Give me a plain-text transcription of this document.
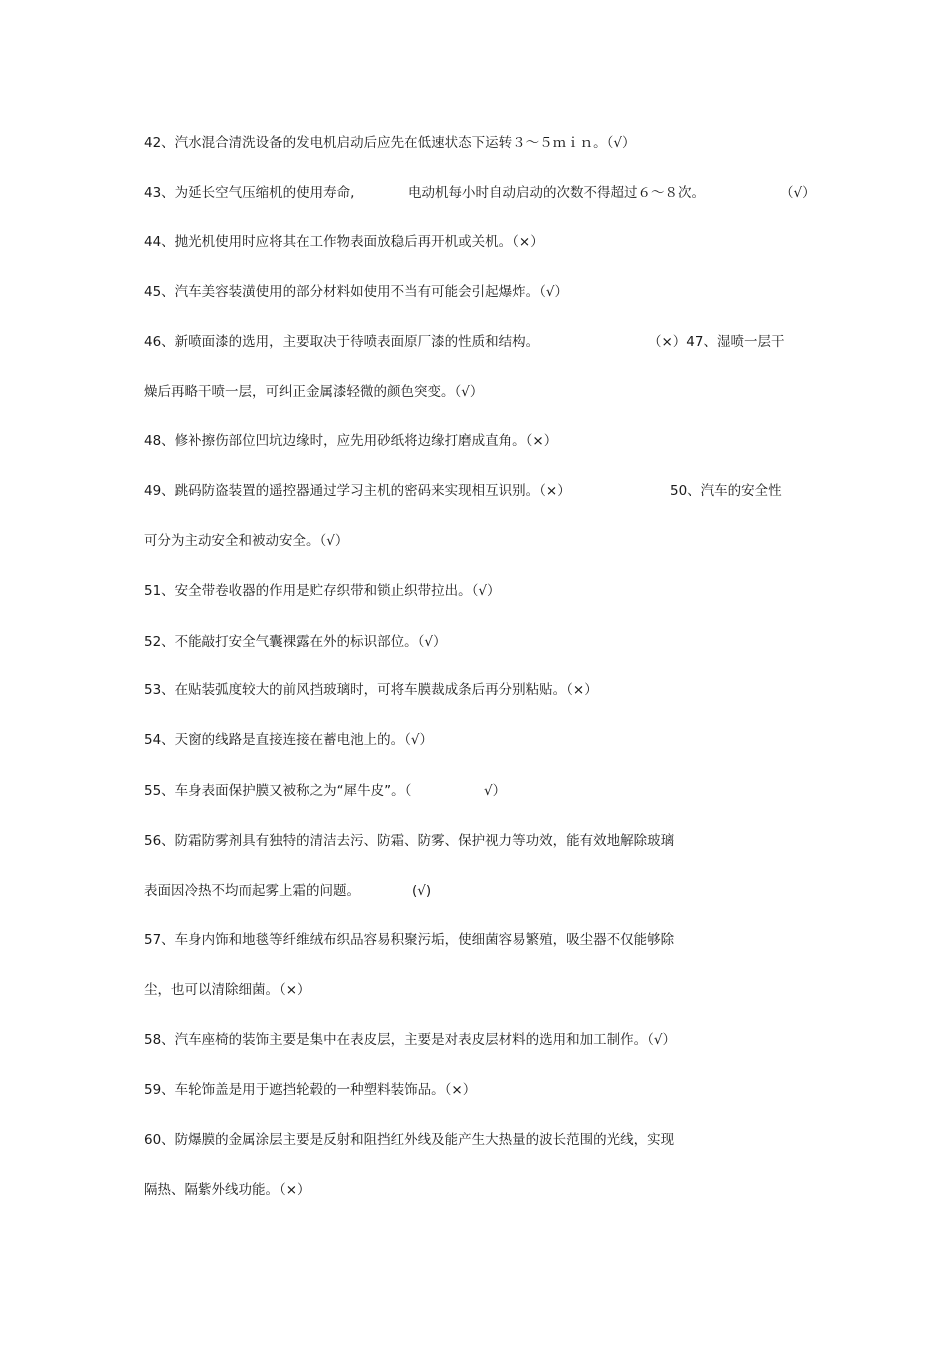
42、汽水混合清洗设备的发电机启动后应先在低速状态下运转３～５ｍｉｎ。（√）
43、为延长空气压缩机的使用寿命,	电动机每小时自动启动的次数不得超过６～８次。	（√）
44、抛光机使用时应将其在工作物表面放稳后再开机或关机。（×）
45、汽车美容装潢使用的部分材料如使用不当有可能会引起爆炸。（√）
46、新喷面漆的选用，主要取决于待喷表面原厂漆的性质和结构。	（×）47、湿喷一层干
燥后再略干喷一层，可纠正金属漆轻微的颜色突变。（√）
48、修补擦伤部位凹坑边缘时，应先用砂纸将边缘打磨成直角。（×）
49、跳码防盗装置的遥控器通过学习主机的密码来实现相互识别。（×）	50、汽车的安全性
可分为主动安全和被动安全。（√）
51、安全带卷收器的作用是贮存织带和锁止织带拉出。（√）
52、不能敲打安全气囊裸露在外的标识部位。（√）
53、在贴装弧度较大的前风挡玻璃时，可将车膜裁成条后再分别粘贴。（×）
54、天窗的线路是直接连接在蓄电池上的。（√）
55、车身表面保护膜又被称之为“犀牛皮”。（	√）
56、防霜防雾剂具有独特的清洁去污、防霜、防雾、保护视力等功效，能有效地解除玻璃
表面因冷热不均而起雾上霜的问题。	(√)
57、车身内饰和地毯等纤维绒布织品容易积聚污垢，使细菌容易繁殖，吸尘器不仅能够除
尘，也可以清除细菌。（×）
58、汽车座椅的装饰主要是集中在表皮层，主要是对表皮层材料的选用和加工制作。（√）
59、车轮饰盖是用于遮挡轮毂的一种塑料装饰品。（×）
60、防爆膜的金属涂层主要是反射和阻挡红外线及能产生大热量的波长范围的光线，实现
隔热、隔紫外线功能。（×）
